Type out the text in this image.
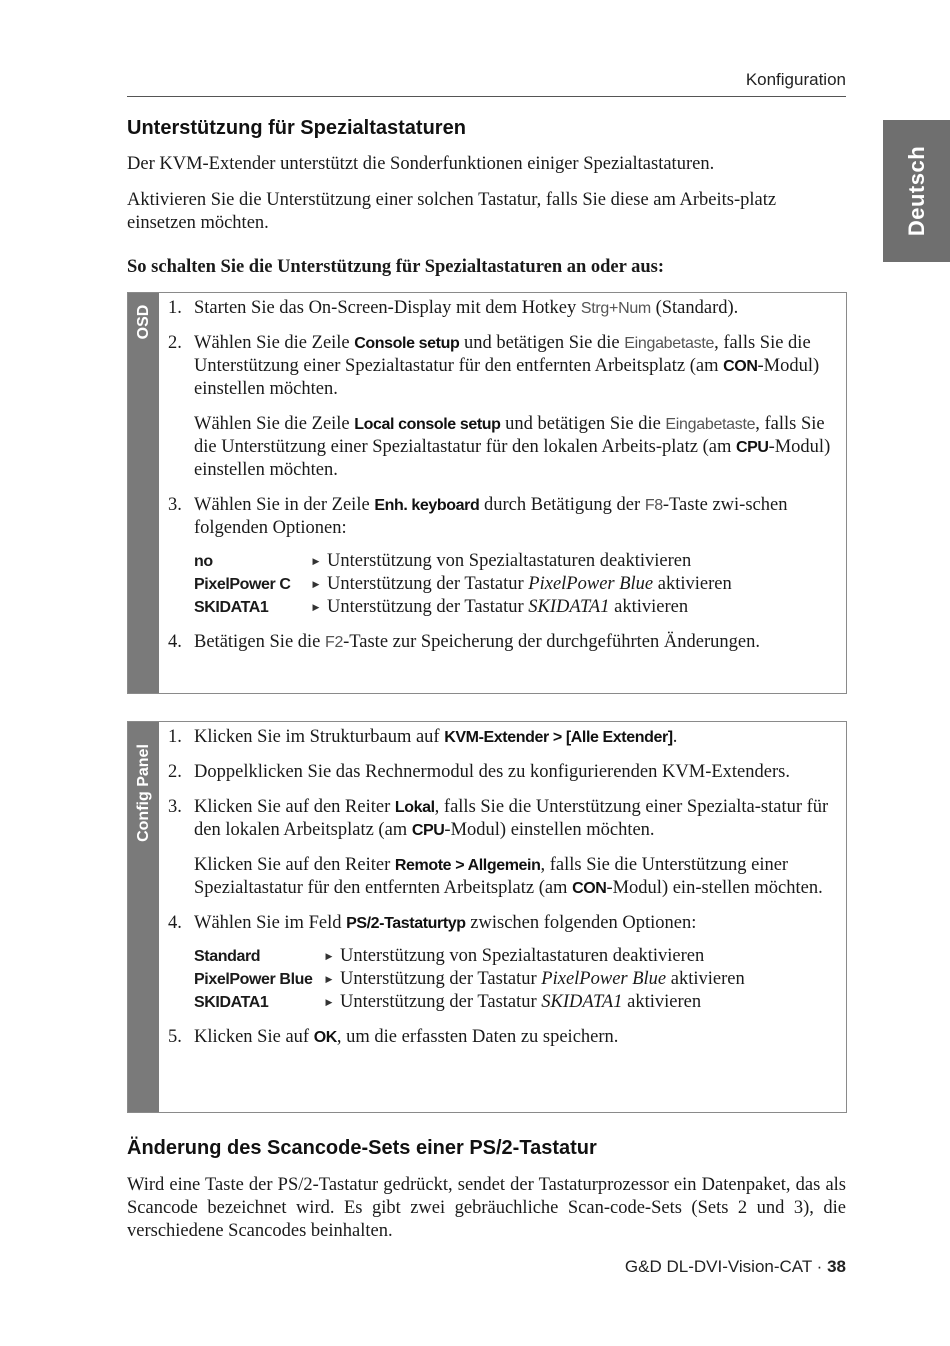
Konfiguration
Deutsch
Unterstützung für Spezialtastaturen

Der KVM-Extender unterstützt die Sonderfunktionen einiger Spezialtastaturen.

Aktivieren Sie die Unterstützung einer solchen Tastatur, falls Sie diese am Arbeits-platz einsetzen möchten.

So schalten Sie die Unterstützung für Spezialtastaturen an oder aus:

OSD 1. Starten Sie das On-Screen-Display mit dem Hotkey Strg+Num (Standard).
2. Wählen Sie die Zeile Console setup und betätigen Sie die Eingabetaste, falls Sie die Unterstützung einer Spezialtastatur für den entfernten Arbeitsplatz (am CON-Modul) einstellen möchten.
Wählen Sie die Zeile Local console setup und betätigen Sie die Eingabetaste, falls Sie die Unterstützung einer Spezialtastatur für den lokalen Arbeits-platz (am CPU-Modul) einstellen möchten.
3. Wählen Sie in der Zeile Enh. keyboard durch Betätigung der F8-Taste zwi-schen folgenden Optionen:
no	▶	Unterstützung von Spezialtastaturen deaktivieren
PixelPower C	▶	Unterstützung der Tastatur PixelPower Blue aktivieren
SKIDATA1	▶	Unterstützung der Tastatur SKIDATA1 aktivieren
4. Betätigen Sie die F2-Taste zur Speicherung der durchgeführten Änderungen.
Config Panel
1. Klicken Sie im Strukturbaum auf KVM-Extender > [Alle Extender].
2. Doppelklicken Sie das Rechnermodul des zu konfigurierenden KVM-Extenders.
3. Klicken Sie auf den Reiter Lokal, falls Sie die Unterstützung einer Spezialta-statur für den lokalen Arbeitsplatz (am CPU-Modul) einstellen möchten.
Klicken Sie auf den Reiter Remote > Allgemein, falls Sie die Unterstützung einer Spezialtastatur für den entfernten Arbeitsplatz (am CON-Modul) ein-stellen möchten.
4. Wählen Sie im Feld PS/2-Tastaturtyp zwischen folgenden Optionen:
Standard	▶	Unterstützung von Spezialtastaturen deaktivieren
PixelPower Blue	▶	Unterstützung der Tastatur PixelPower Blue aktivieren
SKIDATA1	▶	Unterstützung der Tastatur SKIDATA1 aktivieren
5. Klicken Sie auf OK, um die erfassten Daten zu speichern.
Änderung des Scancode-Sets einer PS/2-Tastatur

Wird eine Taste der PS/2-Tastatur gedrückt, sendet der Tastaturprozessor ein Datenpaket, das als Scancode bezeichnet wird. Es gibt zwei gebräuchliche Scan-code-Sets (Sets 2 und 3), die verschiedene Scancodes beinhalten.

G&D DL-DVI-Vision-CAT · 38
